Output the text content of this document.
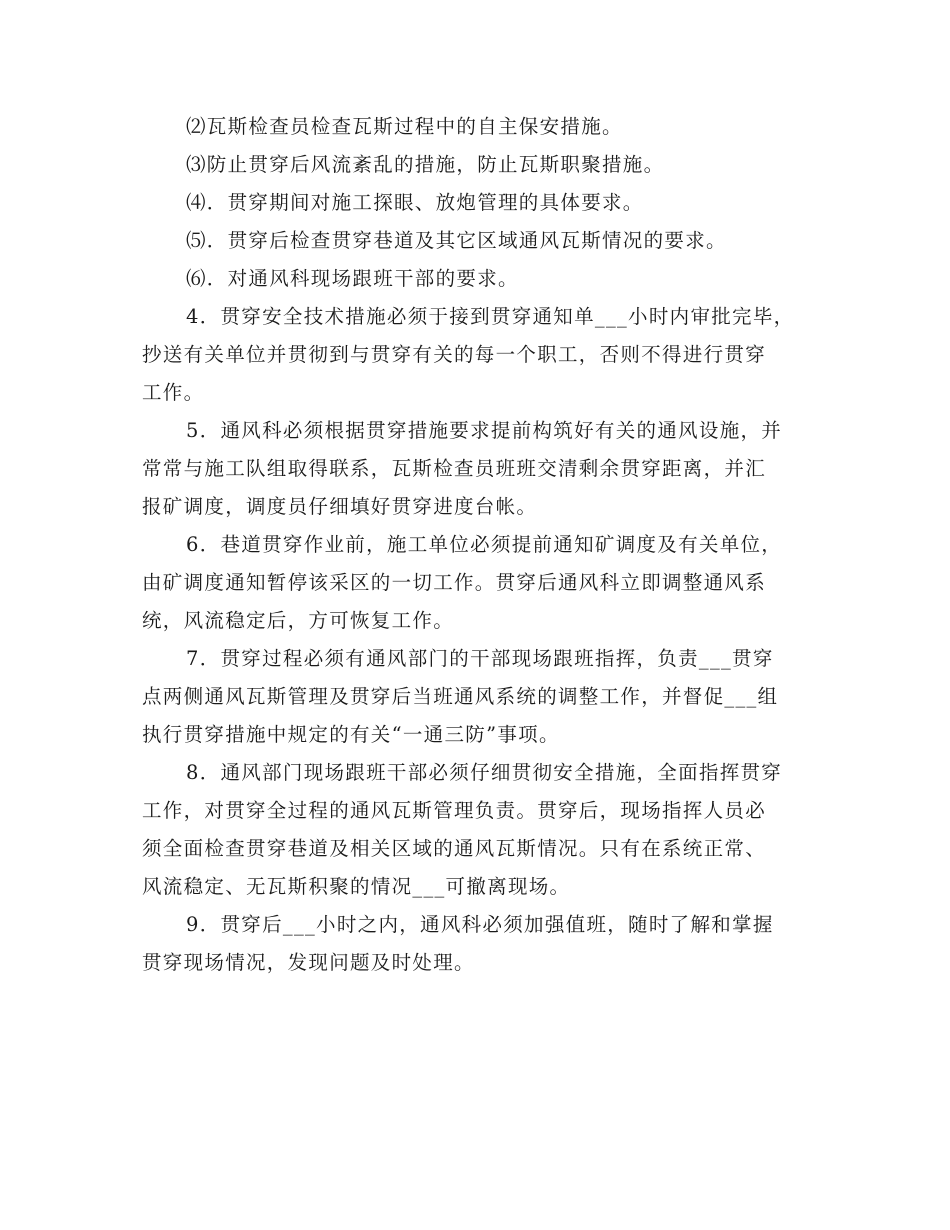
⑵瓦斯检查员检查瓦斯过程中的自主保安措施。

⑶防止贯穿后风流紊乱的措施，防止瓦斯职聚措施。

⑷．贯穿期间对施工探眼、放炮管理的具体要求。

⑸．贯穿后检查贯穿巷道及其它区域通风瓦斯情况的要求。

⑹．对通风科现场跟班干部的要求。

4．贯穿安全技术措施必须于接到贯穿通知单___小时内审批完毕，

抄送有关单位并贯彻到与贯穿有关的每一个职工，否则不得进行贯穿

工作。

5．通风科必须根据贯穿措施要求提前构筑好有关的通风设施，并

常常与施工队组取得联系，瓦斯检查员班班交清剩余贯穿距离，并汇

报矿调度，调度员仔细填好贯穿进度台帐。

6．巷道贯穿作业前，施工单位必须提前通知矿调度及有关单位，

由矿调度通知暂停该采区的一切工作。贯穿后通风科立即调整通风系

统，风流稳定后，方可恢复工作。

7．贯穿过程必须有通风部门的干部现场跟班指挥，负责___贯穿

点两侧通风瓦斯管理及贯穿后当班通风系统的调整工作，并督促___组

执行贯穿措施中规定的有关“一通三防”事项。

8．通风部门现场跟班干部必须仔细贯彻安全措施，全面指挥贯穿

工作，对贯穿全过程的通风瓦斯管理负责。贯穿后，现场指挥人员必

须全面检查贯穿巷道及相关区域的通风瓦斯情况。只有在系统正常、

风流稳定、无瓦斯积聚的情况___可撤离现场。

9．贯穿后___小时之内，通风科必须加强值班，随时了解和掌握

贯穿现场情况，发现问题及时处理。
